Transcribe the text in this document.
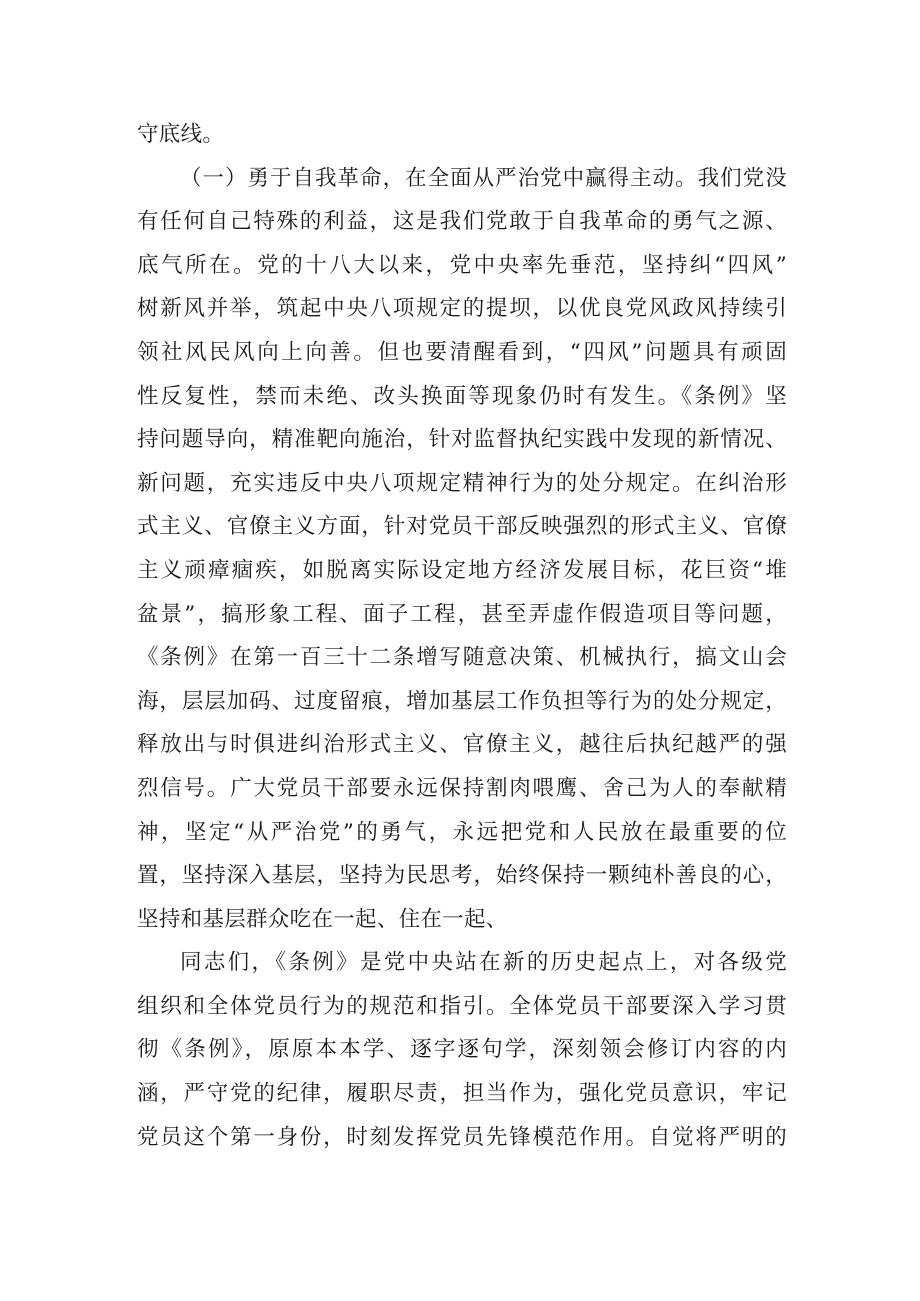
守底线。
（一）勇于自我革命，在全面从严治党中赢得主动。我们党没
有任何自己特殊的利益，这是我们党敢于自我革命的勇气之源、
底气所在。党的十八大以来，党中央率先垂范，坚持纠“四风”
树新风并举，筑起中央八项规定的提坝，以优良党风政风持续引
领社风民风向上向善。但也要清醒看到，“四风”问题具有顽固
性反复性，禁而未绝、改头换面等现象仍时有发生。《条例》坚
持问题导向，精准靶向施治，针对监督执纪实践中发现的新情况、
新问题，充实违反中央八项规定精神行为的处分规定。在纠治形
式主义、官僚主义方面，针对党员干部反映强烈的形式主义、官僚
主义顽瘴痼疾，如脱离实际设定地方经济发展目标，花巨资“堆
盆景”，搞形象工程、面子工程，甚至弄虚作假造项目等问题，
《条例》在第一百三十二条增写随意决策、机械执行，搞文山会
海，层层加码、过度留痕，增加基层工作负担等行为的处分规定，
释放出与时俱进纠治形式主义、官僚主义，越往后执纪越严的强
烈信号。广大党员干部要永远保持割肉喂鹰、舍己为人的奉献精
神，坚定“从严治党”的勇气，永远把党和人民放在最重要的位
置，坚持深入基层，坚持为民思考，始终保持一颗纯朴善良的心，
坚持和基层群众吃在一起、住在一起、
同志们，《条例》是党中央站在新的历史起点上，对各级党
组织和全体党员行为的规范和指引。全体党员干部要深入学习贯
彻《条例》，原原本本学、逐字逐句学，深刻领会修订内容的内
涵，严守党的纪律，履职尽责，担当作为，强化党员意识，牢记
党员这个第一身份，时刻发挥党员先锋模范作用。自觉将严明的
